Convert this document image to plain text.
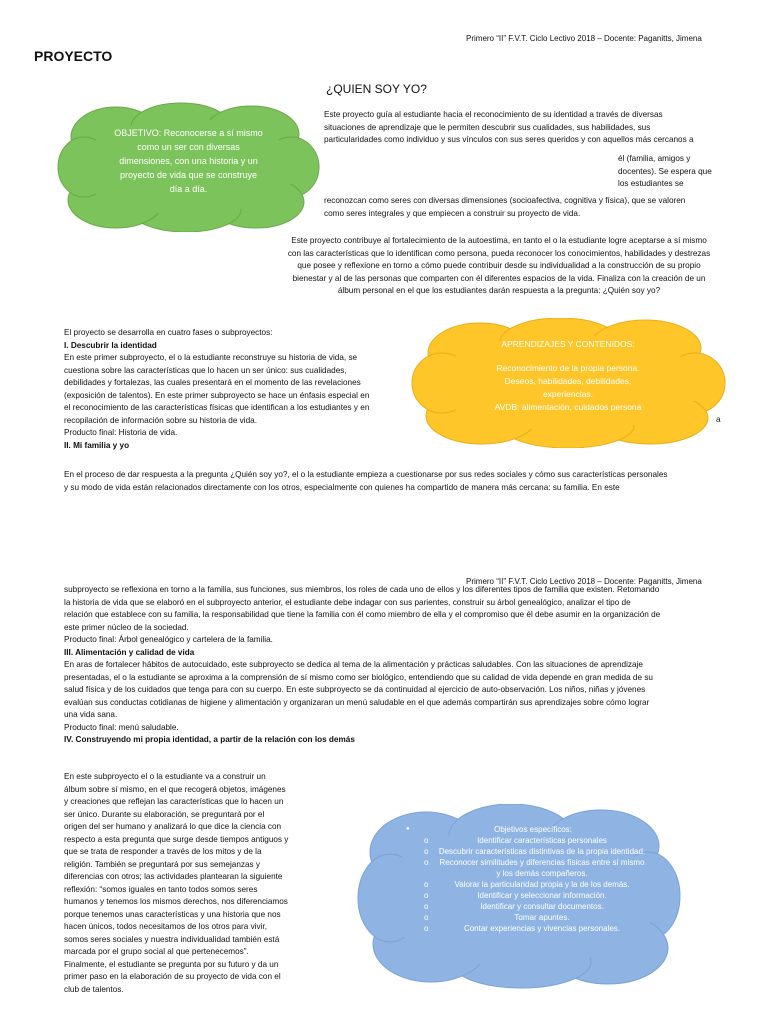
Primero “II” F.V.T. Ciclo Lectivo 2018 – Docente: Paganitts, Jimena
PROYECTO
¿QUIEN SOY YO?

Este proyecto guía al estudiante hacia el reconocimiento de su identidad a través de diversas

situaciones de aprendizaje que le permiten descubrir sus cualidades, sus habilidades, sus

particularidades como individuo y sus vínculos con sus seres queridos y con aquellos más cercanos a

él (familia, amigos y

docentes). Se espera que

los estudiantes se

reconozcan como seres con diversas dimensiones (socioafectiva, cognitiva y física), que se valoren

como seres integrales y que empiecen a construir su proyecto de vida.

OBJETIVO: Reconocerse a sí mismo

como un ser con diversas

dimensiones, con una historia y un

proyecto de vida que se construye

día a día.

Este proyecto contribuye al fortalecimiento de la autoestima, en tanto el o la estudiante logre aceptarse a sí mismo

con las características que lo identifican como persona, pueda reconocer los conocimientos, habilidades y destrezas

que posee y reflexione en torno a cómo puede contribuir desde su individualidad a la construcción de su propio

bienestar y al de las personas que comparten con él diferentes espacios de la vida. Finaliza con la creación de un

álbum personal en el que los estudiantes darán respuesta a la pregunta: ¿Quién soy yo?

APRENDIZAJES Y CONTENIDOS:

Reconocimiento de la propia persona.

Deseos, habilidades, debilidades,

experiencias.

AVDB: alimentación, cuidados persona

a

El proyecto se desarrolla en cuatro fases o subproyectos:

I. Descubrir la identidad

En este primer subproyecto, el o la estudiante reconstruye su historia de vida, se

cuestiona sobre las características que lo hacen un ser único: sus cualidades,

debilidades y fortalezas, las cuales presentará en el momento de las revelaciones

(exposición de talentos). En este primer subproyecto se hace un énfasis especial en

el reconocimiento de las características físicas que identifican a los estudiantes y en

recopilación de información sobre su historia de vida.

Producto final: Historia de vida.

II. Mi familia y yo

En el proceso de dar respuesta a la pregunta ¿Quién soy yo?, el o la estudiante empieza a cuestionarse por sus redes sociales y cómo sus características personales

y su modo de vida están relacionados directamente con los otros, especialmente con quienes ha compartido de manera más cercana: su familia. En este

Primero “II” F.V.T. Ciclo Lectivo 2018 – Docente: Paganitts, Jimena

subproyecto se reflexiona en torno a la familia, sus funciones, sus miembros, los roles de cada uno de ellos y los diferentes tipos de familia que existen. Retomando

la historia de vida que se elaboró en el subproyecto anterior, el estudiante debe indagar con sus parientes, construir su árbol genealógico, analizar el tipo de

relación que establece con su familia, la responsabilidad que tiene la familia con él como miembro de ella y el compromiso que él debe asumir en la organización de

este primer núcleo de la sociedad.

Producto final: Árbol genealógico y cartelera de la familia.

III. Alimentación y calidad de vida

En aras de fortalecer hábitos de autocuidado, este subproyecto se dedica al tema de la alimentación y prácticas saludables. Con las situaciones de aprendizaje

presentadas, el o la estudiante se aproxima a la comprensión de sí mismo como ser biológico, entendiendo que su calidad de vida depende en gran medida de su

salud física y de los cuidados que tenga para con su cuerpo. En este subproyecto se da continuidad al ejercicio de auto-observación. Los niños, niñas y jóvenes

evalúan sus conductas cotidianas de higiene y alimentación y organizaran un menú saludable en el que además compartirán sus aprendizajes sobre cómo lograr

una vida sana.

Producto final: menú saludable.

IV. Construyendo mi propia identidad, a partir de la relación con los demás

En este subproyecto el o la estudiante va a construir un

álbum sobre sí mismo, en el que recogerá objetos, imágenes

y creaciones que reflejan las características que lo hacen un

ser único. Durante su elaboración, se preguntará por el

origen del ser humano y analizará lo que dice la ciencia con

respecto a esta pregunta que surge desde tiempos antiguos y

que se trata de responder a través de los mitos y de la

religión. También se preguntará por sus semejanzas y

diferencias con otros; las actividades plantearan la siguiente

reflexión: “somos iguales en tanto todos somos seres

humanos y tenemos los mismos derechos, nos diferenciamos

porque tenemos unas características y una historia que nos

hacen únicos, todos necesitamos de los otros para vivir,

somos seres sociales y nuestra individualidad también está

marcada por el grupo social al que pertenecemos”.

Finalmente, el estudiante se pregunta por su futuro y da un

primer paso en la elaboración de su proyecto de vida con el

club de talentos.

● Objetivos específicos:
o Identificar características personales
o Descubrir características distintivas de la propia identidad.
o Reconocer similitudes y diferencias físicas entre sí mismo y los demás compañeros.
o Valorar la particularidad propia y la de los demás.
o Identificar y seleccionar información.
o Identificar y consultar documentos.
o Tomar apuntes.
o Contar experiencias y vivencias personales.
